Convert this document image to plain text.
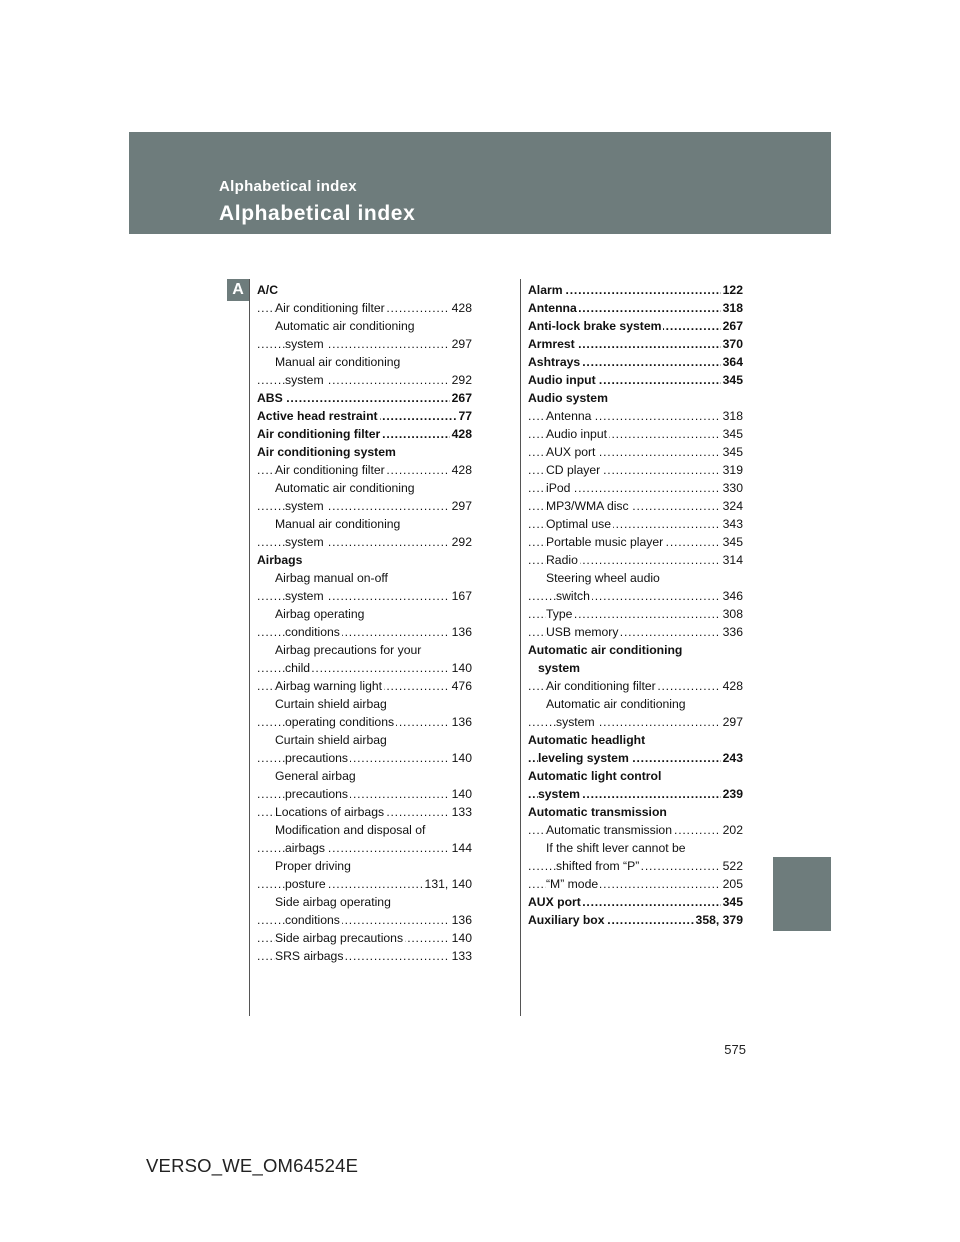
Alphabetical index
Alphabetical index
A	A/C
Air conditioning filter	428
. . .
Automatic air conditioning
system	297
. . .
Manual air conditioning
system	292
. . .
ABS	267
. . .
Active head restraint	77
. . .
Air conditioning filter	428
. . .
Air conditioning system
Air conditioning filter	428
. . .
Automatic air conditioning
system	297
. . .
Manual air conditioning
system	292
. . .
Airbags
Airbag manual on-off
system	167
. . .
Airbag operating
conditions	136
. . .
Airbag precautions for your
child	140
. . .
Airbag warning light	476
. . .
Curtain shield airbag
operating conditions	136
. . .
Curtain shield airbag
precautions	140
. . .
General airbag
precautions	140
. . .
Locations of airbags	133
. . .
Modification and disposal of
airbags	144
. . .
Proper driving
posture	131, 140
. . .
Side airbag operating
conditions	136
. . .
Side airbag precautions	140
. . .
SRS airbags	133
. . .
Alarm	122
. . .
Antenna	318
. . .
Anti-lock brake system	267
. . .
Armrest	370
. . .
Ashtrays	364
. . .
Audio input	345
. . .
Audio system
Antenna	318
. . .
Audio input	345
. . .
AUX port	345
. . .
CD player	319
. . .
iPod	330
. . .
MP3/WMA disc	324
. . .
Optimal use	343
. . .
Portable music player	345
. . .
Radio	314
. . .
Steering wheel audio
switch	346
. . .
Type	308
. . .
USB memory	336
. . .
Automatic air conditioning
system
Air conditioning filter	428
. . .
Automatic air conditioning
system	297
. . .
Automatic headlight
leveling system	243
. . .
Automatic light control
system	239
. . .
Automatic transmission
Automatic transmission	202
. . .
If the shift lever cannot be
shifted from “P”	522
. . .
“M” mode	205
. . .
AUX port	345
. . .
Auxiliary box	358, 379
. . .
575
VERSO_WE_OM64524E
